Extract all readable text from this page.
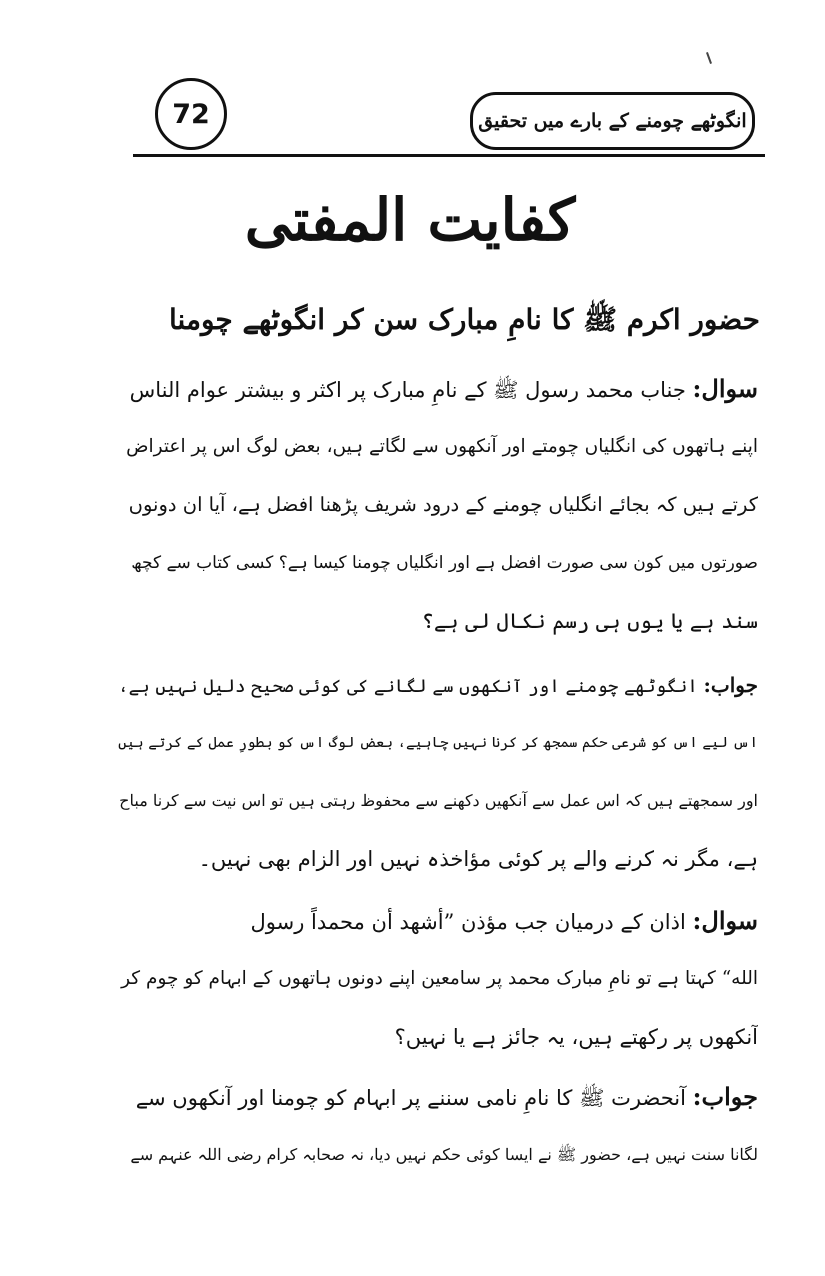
72	انگوٹھے چومنے کے بارے میں تحقیق
کفایت المفتی
حضور اکرم ﷺ کا نامِ مبارک سن کر انگوٹھے چومنا
سوال: جناب محمد رسول ﷺ کے نامِ مبارک پر اکثر و بیشتر عوام الناس
اپنے ہاتھوں کی انگلیاں چومتے اور آنکھوں سے لگاتے ہیں، بعض لوگ اس پر اعتراض
کرتے ہیں کہ بجائے انگلیاں چومنے کے درود شریف پڑھنا افضل ہے، آیا ان دونوں
صورتوں میں کون سی صورت افضل ہے اور انگلیاں چومنا کیسا ہے؟ کسی کتاب سے کچھ
سند ہے یا یوں ہی رسم نکال لی ہے؟
جواب: انگوٹھے چومنے اور آنکھوں سے لگانے کی کوئی صحیح دلیل نہیں ہے،
اس لیے اس کو شرعی حکم سمجھ کر کرنا نہیں چاہیے، بعض لوگ اس کو بطورِ عمل کے کرتے ہیں
اور سمجھتے ہیں کہ اس عمل سے آنکھیں دکھنے سے محفوظ رہتی ہیں تو اس نیت سے کرنا مباح
ہے، مگر نہ کرنے والے پر کوئی مؤاخذہ نہیں اور الزام بھی نہیں۔
سوال: اذان کے درمیان جب مؤذن ”أشهد أن محمداً رسول
الله“ کہتا ہے تو نامِ مبارک محمد پر سامعین اپنے دونوں ہاتھوں کے ابہام کو چوم کر
آنکھوں پر رکھتے ہیں، یہ جائز ہے یا نہیں؟
جواب: آنحضرت ﷺ کا نامِ نامی سننے پر ابہام کو چومنا اور آنکھوں سے
لگانا سنت نہیں ہے، حضور ﷺ نے ایسا کوئی حکم نہیں دیا، نہ صحابہ کرام رضی اللہ عنہم سے
